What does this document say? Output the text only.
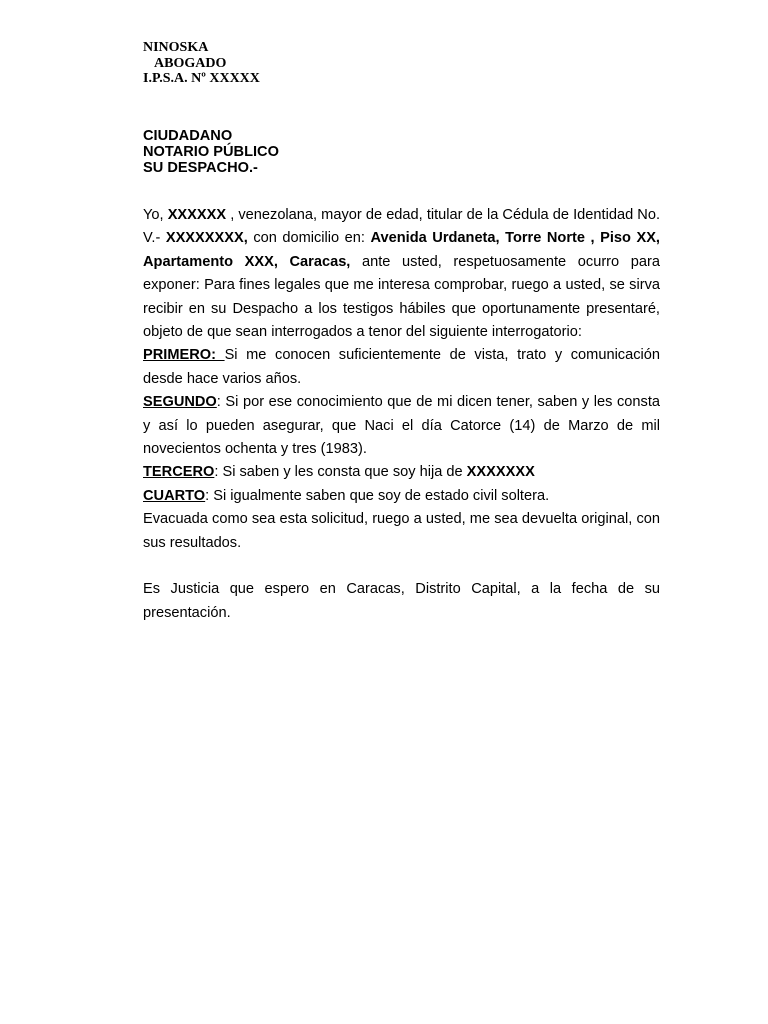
NINOSKA
ABOGADO
I.P.S.A. Nº XXXXX
CIUDADANO
NOTARIO PÚBLICO
SU DESPACHO.-

Yo, XXXXXX , venezolana, mayor de edad, titular de la Cédula de Identidad No. V.- XXXXXXXX, con domicilio en: Avenida Urdaneta, Torre Norte , Piso XX, Apartamento XXX, Caracas, ante usted, respetuosamente ocurro para exponer: Para fines legales que me interesa comprobar, ruego a usted, se sirva recibir en su Despacho a los testigos hábiles que oportunamente presentaré, objeto de que sean interrogados a tenor del siguiente interrogatorio:

PRIMERO: Si me conocen suficientemente de vista, trato y comunicación desde hace varios años.

SEGUNDO: Si por ese conocimiento que de mi dicen tener, saben y les consta y así lo pueden asegurar, que Naci el día Catorce (14) de Marzo de mil novecientos ochenta y tres (1983).

TERCERO: Si saben y les consta que soy hija de XXXXXXX

CUARTO: Si igualmente saben que soy de estado civil soltera.

Evacuada como sea esta solicitud, ruego a usted, me sea devuelta original, con sus resultados.

Es Justicia que espero en Caracas, Distrito Capital, a la fecha de su presentación.
